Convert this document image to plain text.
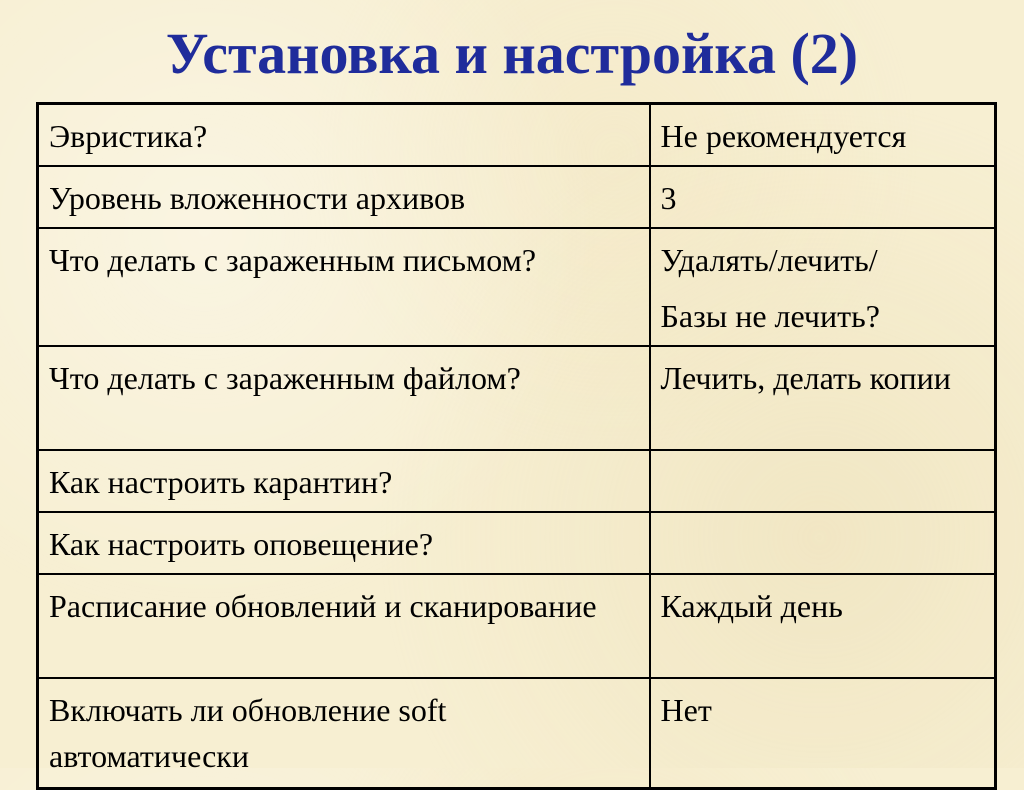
Установка и настройка (2)
Эвристика?	Не рекомендуется

Уровень вложенности архивов	3

Что делать с зараженным письмом?	Удалять/лечить/
Базы не лечить?

Что делать с зараженным файлом?	Лечить, делать копии

Как настроить карантин?	
Как настроить оповещение?	
Расписание обновлений и сканирование	Каждый день

Включать ли обновление soft автоматически	Нет
